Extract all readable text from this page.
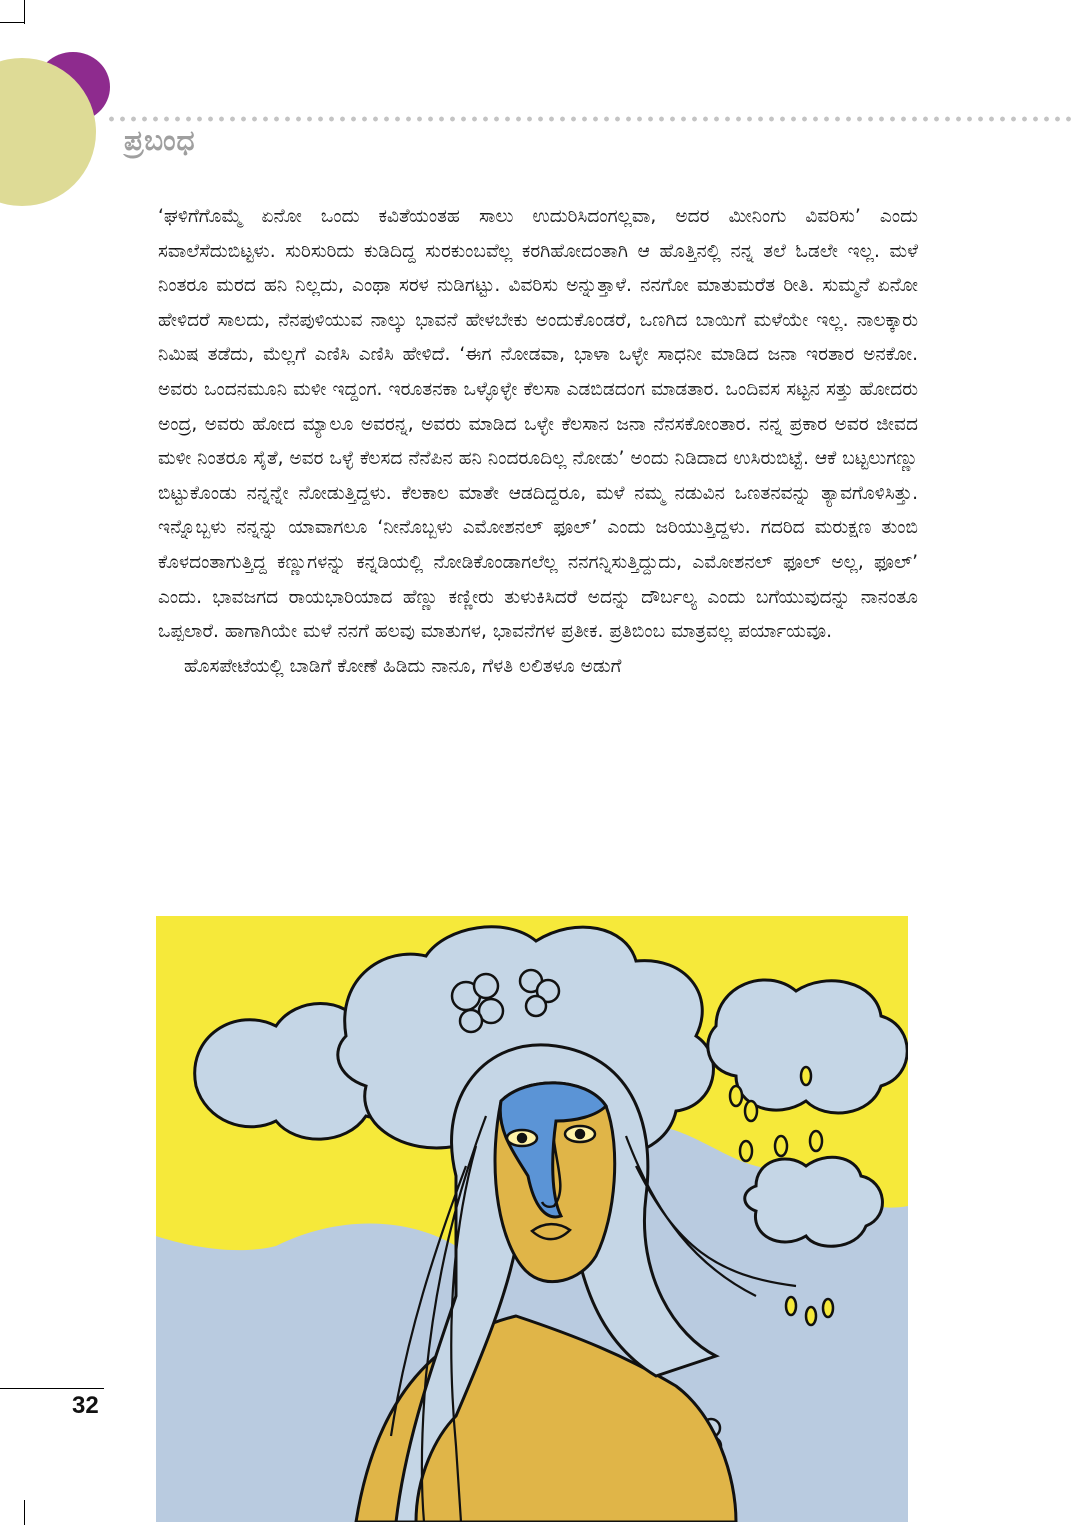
ಪ್ರಬಂಧ

‘ಘಳಿಗೆಗೊಮ್ಮೆ ಏನೋ ಒಂದು ಕವಿತೆಯಂತಹ ಸಾಲು ಉದುರಿಸಿದಂಗಲ್ಲವಾ, ಅದರ ಮೀನಿಂಗು ವಿವರಿಸು’ ಎಂದು ಸವಾಲೆಸೆದುಬಿಟ್ಟಳು. ಸುರಿಸುರಿದು ಕುಡಿದಿದ್ದ ಸುರಕುಂಬವೆಲ್ಲ ಕರಗಿಹೋದಂತಾಗಿ ಆ ಹೊತ್ತಿನಲ್ಲಿ ನನ್ನ ತಲೆ ಓಡಲೇ ಇಲ್ಲ. ಮಳೆ ನಿಂತರೂ ಮರದ ಹನಿ ನಿಲ್ಲದು, ಎಂಥಾ ಸರಳ ನುಡಿಗಟ್ಟು. ವಿವರಿಸು ಅನ್ನುತ್ತಾಳೆ. ನನಗೋ ಮಾತುಮರೆತ ರೀತಿ. ಸುಮ್ಮನೆ ಏನೋ ಹೇಳಿದರೆ ಸಾಲದು, ನೆನಪುಳಿಯುವ ನಾಲ್ಕು ಭಾವನೆ ಹೇಳಬೇಕು ಅಂದುಕೊಂಡರೆ, ಒಣಗಿದ ಬಾಯಿಗೆ ಮಳೆಯೇ ಇಲ್ಲ. ನಾಲಕ್ಕಾರು ನಿಮಿಷ ತಡೆದು, ಮೆಲ್ಲಗೆ ಎಣಿಸಿ ಎಣಿಸಿ ಹೇಳಿದೆ. ‘ಈಗ ನೋಡವಾ, ಭಾಳಾ ಒಳ್ಳೇ ಸಾಧನೀ ಮಾಡಿದ ಜನಾ ಇರತಾರ ಅನಕೋ. ಅವರು ಒಂದನಮೂನಿ ಮಳೀ ಇದ್ದಂಗ. ಇರೂತನಕಾ ಒಳ್ಳೊಳ್ಳೇ ಕೆಲಸಾ ಎಡಬಿಡದಂಗ ಮಾಡತಾರ. ಒಂದಿವಸ ಸಟ್ಟನ ಸತ್ತು ಹೋದರು ಅಂದ್ರ, ಅವರು ಹೋದ ಮ್ಯಾಲೂ ಅವರನ್ನ, ಅವರು ಮಾಡಿದ ಒಳ್ಳೇ ಕೆಲಸಾನ ಜನಾ ನೆನಸಕೋಂತಾರ. ನನ್ನ ಪ್ರಕಾರ ಅವರ ಜೀವದ ಮಳೀ ನಿಂತರೂ ಸೈತೆ, ಅವರ ಒಳ್ಳೆ ಕೆಲಸದ ನೆನೆಪಿನ ಹನಿ ನಿಂದರೂದಿಲ್ಲ ನೋಡು’ ಅಂದು ನಿಡಿದಾದ ಉಸಿರುಬಿಟ್ಟೆ. ಆಕೆ ಬಟ್ಟಲುಗಣ್ಣು ಬಿಟ್ಟುಕೊಂಡು ನನ್ನನ್ನೇ ನೋಡುತ್ತಿದ್ದಳು. ಕೆಲಕಾಲ ಮಾತೇ ಆಡದಿದ್ದರೂ, ಮಳೆ ನಮ್ಮ ನಡುವಿನ ಒಣತನವನ್ನು ತ್ಯಾವಗೊಳಿಸಿತ್ತು. ಇನ್ನೊಬ್ಬಳು ನನ್ನನ್ನು ಯಾವಾಗಲೂ ‘ನೀನೊಬ್ಬಳು ಎಮೋಶನಲ್ ಫೂಲ್’ ಎಂದು ಜರಿಯುತ್ತಿದ್ದಳು. ಗದರಿದ ಮರುಕ್ಷಣ ತುಂಬಿ ಕೊಳದಂತಾಗುತ್ತಿದ್ದ ಕಣ್ಣುಗಳನ್ನು ಕನ್ನಡಿಯಲ್ಲಿ ನೋಡಿಕೊಂಡಾಗಲೆಲ್ಲ ನನಗನ್ನಿಸುತ್ತಿದ್ದುದು, ಎಮೋಶನಲ್ ಫೂಲ್ ಅಲ್ಲ, ಫೂಲ್’ ಎಂದು. ಭಾವಜಗದ ರಾಯಭಾರಿಯಾದ ಹೆಣ್ಣು ಕಣ್ಣೀರು ತುಳುಕಿಸಿದರೆ ಅದನ್ನು ದೌರ್ಬಲ್ಯ ಎಂದು ಬಗೆಯುವುದನ್ನು ನಾನಂತೂ ಒಪ್ಪಲಾರೆ. ಹಾಗಾಗಿಯೇ ಮಳೆ ನನಗೆ ಹಲವು ಮಾತುಗಳ, ಭಾವನೆಗಳ ಪ್ರತೀಕ. ಪ್ರತಿಬಿಂಬ ಮಾತ್ರವಲ್ಲ ಪರ್ಯಾಯವೂ.

ಹೊಸಪೇಟೆಯಲ್ಲಿ ಬಾಡಿಗೆ ಕೋಣೆ ಹಿಡಿದು ನಾನೂ, ಗೆಳತಿ ಲಲಿತಳೂ ಅಡುಗೆ

32
